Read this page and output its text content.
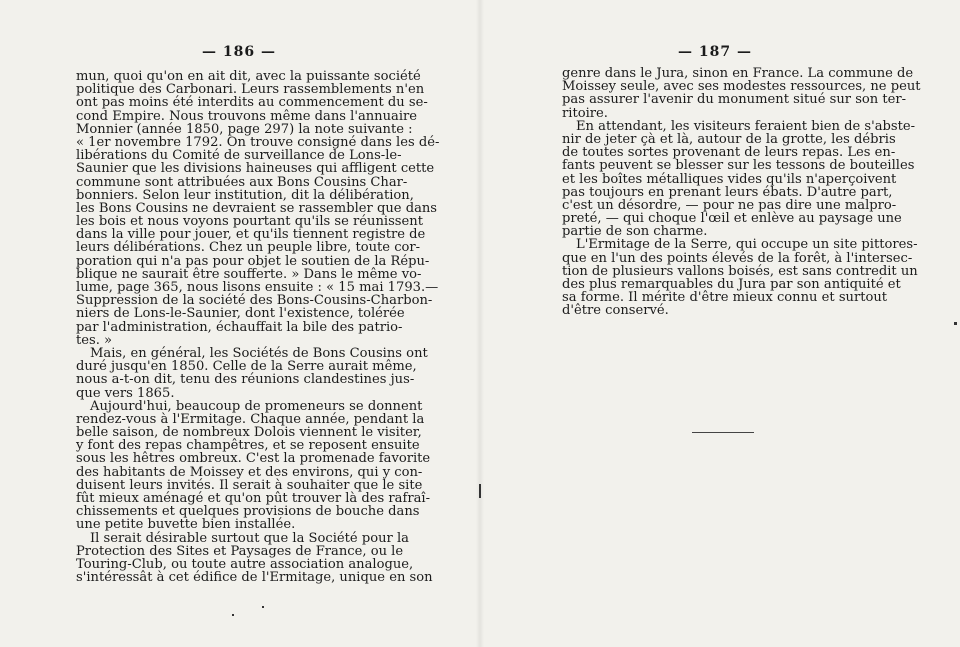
— 186 —
mun, quoi qu'on en ait dit, avec la puissante société
politique des Carbonari. Leurs rassemblements n'en
ont pas moins été interdits au commencement du se-
cond Empire. Nous trouvons même dans l'annuaire
Monnier (année 1850, page 297) la note suivante :
« 1er novembre 1792. On trouve consigné dans les dé-
libérations du Comité de surveillance de Lons-le-
Saunier que les divisions haineuses qui affligent cette
commune sont attribuées aux Bons Cousins Char-
bonniers. Selon leur institution, dit la délibération,
les Bons Cousins ne devraient se rassembler que dans
les bois et nous voyons pourtant qu'ils se réunissent
dans la ville pour jouer, et qu'ils tiennent registre de
leurs délibérations. Chez un peuple libre, toute cor-
poration qui n'a pas pour objet le soutien de la Répu-
blique ne saurait être soufferte. » Dans le même vo-
lume, page 365, nous lisons ensuite : « 15 mai 1793.—
Suppression de la société des Bons-Cousins-Charbon-
niers de Lons-le-Saunier, dont l'existence, tolérée
par l'administration, échauffait la bile des patrio-
tes. »
Mais, en général, les Sociétés de Bons Cousins ont
duré jusqu'en 1850. Celle de la Serre aurait même,
nous a-t-on dit, tenu des réunions clandestines jus-
que vers 1865.
Aujourd'hui, beaucoup de promeneurs se donnent
rendez-vous à l'Ermitage. Chaque année, pendant la
belle saison, de nombreux Dolois viennent le visiter,
y font des repas champêtres, et se reposent ensuite
sous les hêtres ombreux. C'est la promenade favorite
des habitants de Moissey et des environs, qui y con-
duisent leurs invités. Il serait à souhaiter que le site
fût mieux aménagé et qu'on pût trouver là des rafraî-
chissements et quelques provisions de bouche dans
une petite buvette bien installée.
Il serait désirable surtout que la Société pour la
Protection des Sites et Paysages de France, ou le
Touring-Club, ou toute autre association analogue,
s'intéressât à cet édifice de l'Ermitage, unique en son
— 187 —
genre dans le Jura, sinon en France. La commune de
Moissey seule, avec ses modestes ressources, ne peut
pas assurer l'avenir du monument situé sur son ter-
ritoire.
En attendant, les visiteurs feraient bien de s'abste-
nir de jeter çà et là, autour de la grotte, les débris
de toutes sortes provenant de leurs repas. Les en-
fants peuvent se blesser sur les tessons de bouteilles
et les boîtes métalliques vides qu'ils n'aperçoivent
pas toujours en prenant leurs ébats. D'autre part,
c'est un désordre, — pour ne pas dire une malpro-
preté, — qui choque l'œil et enlève au paysage une
partie de son charme.
L'Ermitage de la Serre, qui occupe un site pittores-
que en l'un des points élevés de la forêt, à l'intersec-
tion de plusieurs vallons boisés, est sans contredit un
des plus remarquables du Jura par son antiquité et
sa forme. Il mérite d'être mieux connu et surtout
d'être conservé.
